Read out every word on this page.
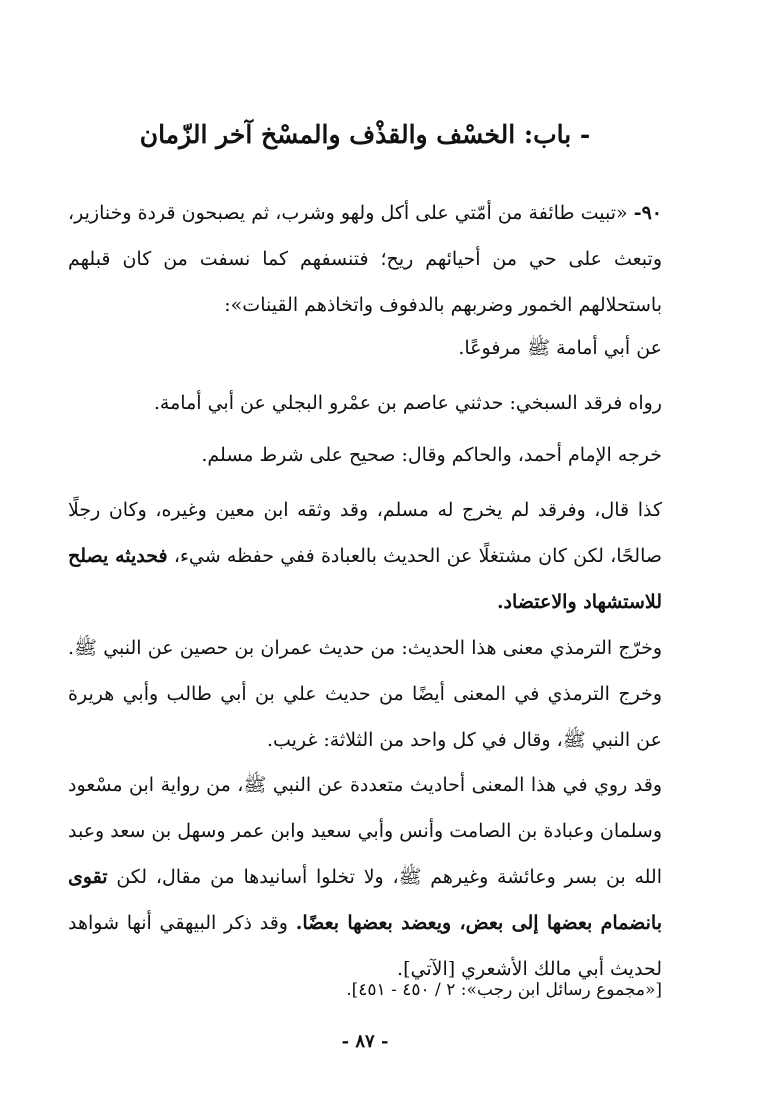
- باب: الخسْف والقذْف والمسْخ آخر الزّمان

٩٠- «تبيت طائفة من أمّتي على أكل ولهو وشرب، ثم يصبحون قردة وخنازير، وتبعث على حي من أحيائهم ريح؛ فتنسفهم كما نسفت من كان قبلهم باستحلالهم الخمور وضربهم بالدفوف واتخاذهم القينات»:

عن أبي أمامة ﷺ مرفوعًا.

رواه فرقد السبخي: حدثني عاصم بن عمْرو البجلي عن أبي أمامة.

خرجه الإمام أحمد، والحاكم وقال: صحيح على شرط مسلم.

كذا قال، وفرقد لم يخرج له مسلم، وقد وثقه ابن معين وغيره، وكان رجلًا صالحًا، لكن كان مشتغلًا عن الحديث بالعبادة ففي حفظه شيء، فحديثه يصلح للاستشهاد والاعتضاد.

وخرّج الترمذي معنى هذا الحديث: من حديث عمران بن حصين عن النبي ﷺ. وخرج الترمذي في المعنى أيضًا من حديث علي بن أبي طالب وأبي هريرة عن النبي ﷺ، وقال في كل واحد من الثلاثة: غريب.

وقد روي في هذا المعنى أحاديث متعددة عن النبي ﷺ، من رواية ابن مسْعود وسلمان وعبادة بن الصامت وأنس وأبي سعيد وابن عمر وسهل بن سعد وعبد الله بن بسر وعائشة وغيرهم ﷺ، ولا تخلوا أسانيدها من مقال، لكن تقوى بانضمام بعضها إلى بعض، ويعضد بعضها بعضًا. وقد ذكر البيهقي أنها شواهد لحديث أبي مالك الأشعري [الآتي].

[«مجموع رسائل ابن رجب»: ٢ / ٤٥٠ - ٤٥١].

- ٨٧ -
